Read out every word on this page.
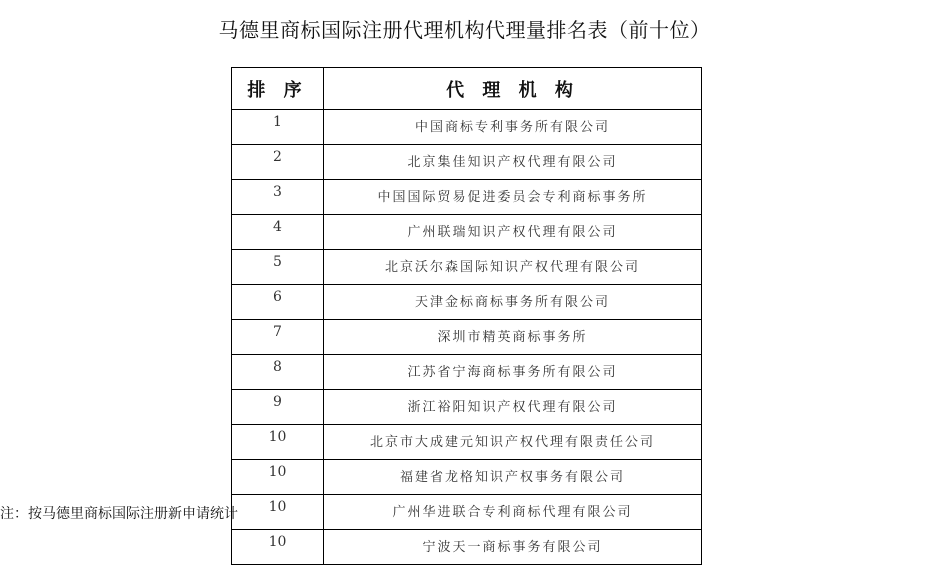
马德里商标国际注册代理机构代理量排名表（前十位）
排 序	代 理 机 构
1	中国商标专利事务所有限公司
2	北京集佳知识产权代理有限公司
3	中国国际贸易促进委员会专利商标事务所
4	广州联瑞知识产权代理有限公司
5	北京沃尔森国际知识产权代理有限公司
6	天津金标商标事务所有限公司
7	深圳市精英商标事务所
8	江苏省宁海商标事务所有限公司
9	浙江裕阳知识产权代理有限公司
10	北京市大成建元知识产权代理有限责任公司
10	福建省龙格知识产权事务有限公司
10	广州华进联合专利商标代理有限公司
10	宁波天一商标事务有限公司
注：按马德里商标国际注册新申请统计
